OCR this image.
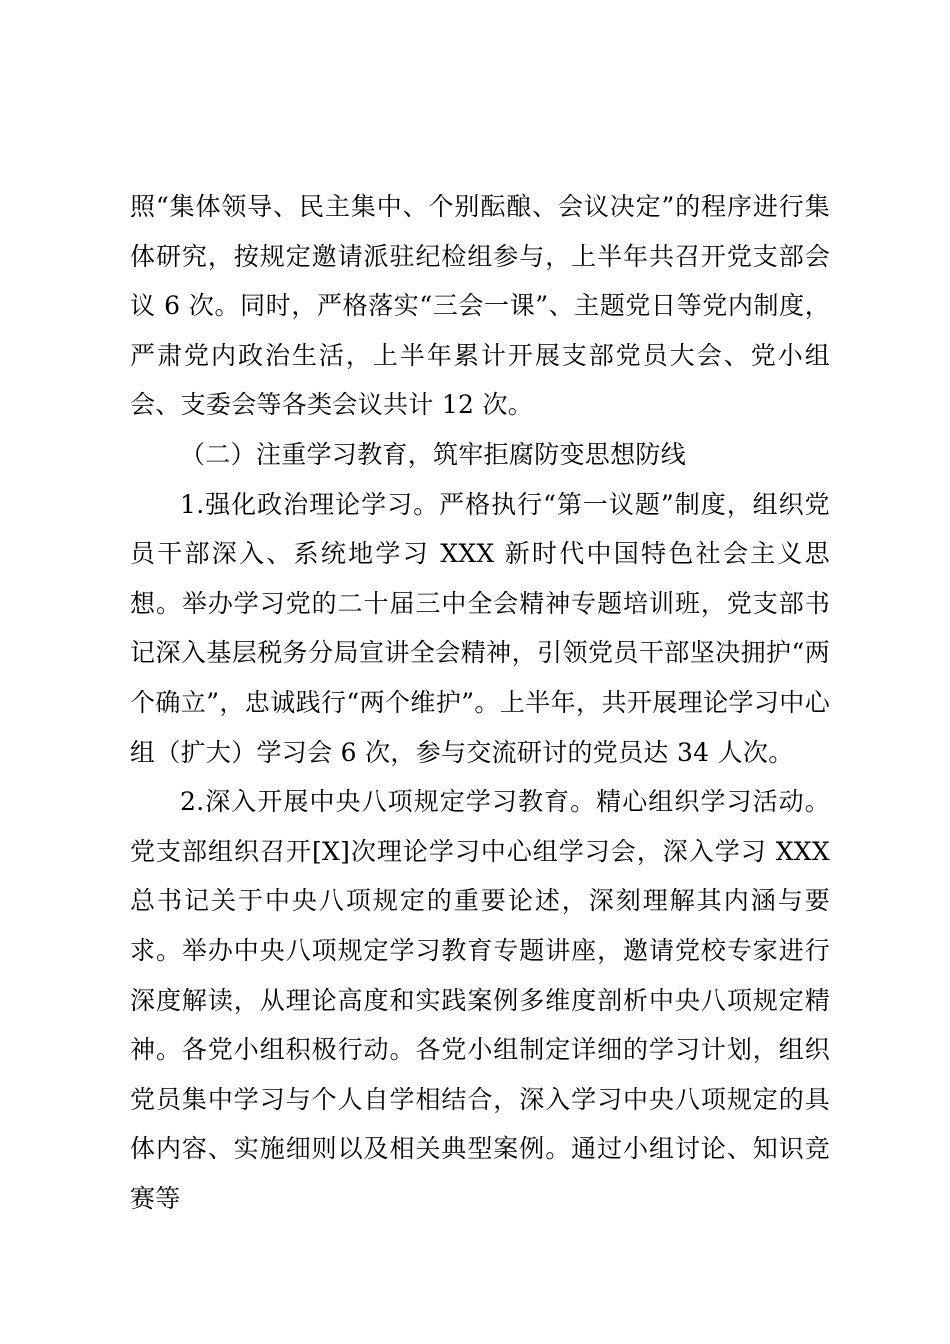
照“集体领导、民主集中、个别酝酿、会议决定”的程序进行集体研究，按规定邀请派驻纪检组参与，上半年共召开党支部会议 6 次。同时，严格落实“三会一课”、主题党日等党内制度，严肃党内政治生活，上半年累计开展支部党员大会、党小组会、支委会等各类会议共计 12 次。

（二）注重学习教育，筑牢拒腐防变思想防线

1.强化政治理论学习。严格执行“第一议题”制度，组织党员干部深入、系统地学习 XXX 新时代中国特色社会主义思想。举办学习党的二十届三中全会精神专题培训班，党支部书记深入基层税务分局宣讲全会精神，引领党员干部坚决拥护“两个确立”，忠诚践行“两个维护”。上半年，共开展理论学习中心组（扩大）学习会 6 次，参与交流研讨的党员达 34 人次。

2.深入开展中央八项规定学习教育。精心组织学习活动。党支部组织召开[X]次理论学习中心组学习会，深入学习 XXX 总书记关于中央八项规定的重要论述，深刻理解其内涵与要求。举办中央八项规定学习教育专题讲座，邀请党校专家进行深度解读，从理论高度和实践案例多维度剖析中央八项规定精神。各党小组积极行动。各党小组制定详细的学习计划，组织党员集中学习与个人自学相结合，深入学习中央八项规定的具体内容、实施细则以及相关典型案例。通过小组讨论、知识竞赛等
